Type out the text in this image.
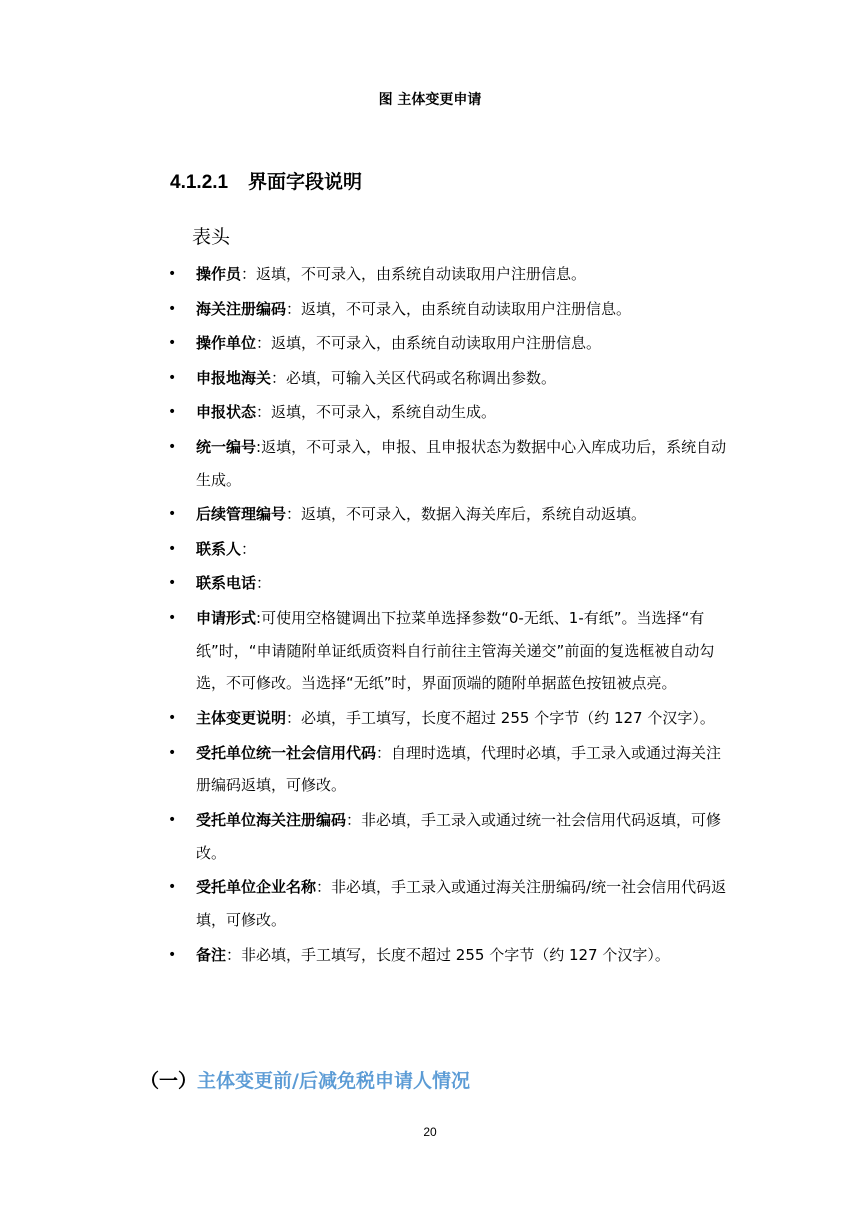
图 主体变更申请
4.1.2.1 界面字段说明
表头
•	操作员：返填，不可录入，由系统自动读取用户注册信息。
•	海关注册编码：返填，不可录入，由系统自动读取用户注册信息。
•	操作单位：返填，不可录入，由系统自动读取用户注册信息。
•	申报地海关：必填，可输入关区代码或名称调出参数。
•	申报状态：返填，不可录入，系统自动生成。
•	统一编号:返填，不可录入，申报、且申报状态为数据中心入库成功后，系统自动生成。
•	后续管理编号：返填，不可录入，数据入海关库后，系统自动返填。
•	联系人：
•	联系电话：
•	申请形式:可使用空格键调出下拉菜单选择参数“0-无纸、1-有纸”。当选择“有纸”时，“申请随附单证纸质资料自行前往主管海关递交”前面的复选框被自动勾选，不可修改。当选择“无纸”时，界面顶端的随附单据蓝色按钮被点亮。
•	主体变更说明：必填，手工填写，长度不超过 255 个字节（约 127 个汉字）。
•	受托单位统一社会信用代码：自理时选填，代理时必填，手工录入或通过海关注册编码返填，可修改。
•	受托单位海关注册编码：非必填，手工录入或通过统一社会信用代码返填，可修改。
•	受托单位企业名称：非必填，手工录入或通过海关注册编码/统一社会信用代码返填，可修改。
•	备注：非必填，手工填写，长度不超过 255 个字节（约 127 个汉字）。
（一）主体变更前/后减免税申请人情况
20
